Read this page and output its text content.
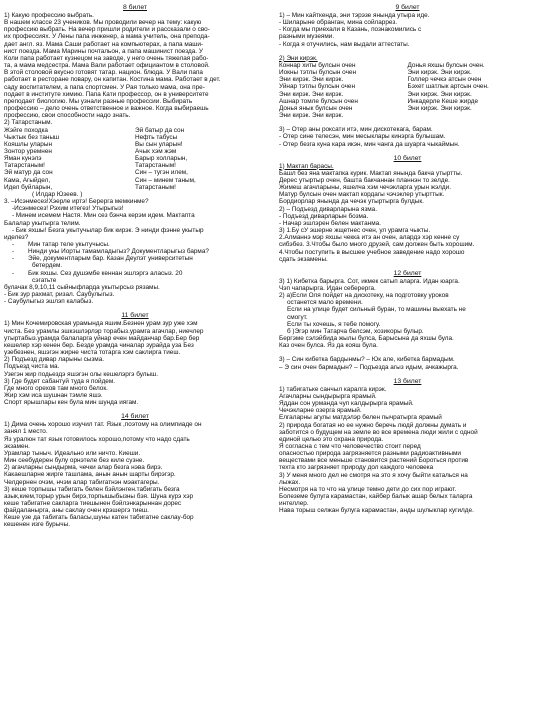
8 билет

1) Какую профессию выбрать.

В нашем классе 23 учеников. Мы проводили вечер на тему: какую

профессию выбрать. На вечер пришли родители и рассказали о сво-

их профессиях. У Лены папа инженер, а мама учитель, она препода-

дает англ. яз. Мама Саши работает на компьютерах, а папа маши-

нист поезда. Мама Марины почтальон, а папа машинист поезда. У

Коли папа работает кузнецом на заводе, у него очень тяжелая рабо-

та, а мама медсестра. Мама Вали работает официантом в столовой.

В этой столовой вкусно готовят татар. национ. блюда. У Вали папа

работает в ресторане повару, он капитан. Костина мама. Работает в дет.

саду воспитателем, а папа спортсмен. У Рая только мама, она пре-

подает в институте химию. Папа Кати профессор, он в университете

преподает биологию. Мы узнали разные профессии. Выбирать

профессию – дело очень ответственное и важное. Когда выбираешь

профессию, свои способности надо знать.

2) Татарстаным.

Жэйге походка	Эй батыр да сон
Чыктык без таныш	Нефть табусы
Кояшлы уларын	Вы сын уларын!
Зонтор уремнен	Ачык хэм жэм
Яман кунэлэ	Барыр холларын,
Татарстаным!	Татарстаным!
Эй матур да сон	Син – тугэн илем,
Кама, Агыйдел,	Син – минем таным,
Идел буйларын,	Татарстаным!

( Илдар Юзеев. )

3. –Исэнмесез!Хэерле иртэ! Берерга мемкинме?

-Исэнмесез! Рэхим итегез! Утырыгыз!

- Минем исемем Настя. Мин сез бэнча керэм идем. Мактапта

Балалар укытырга телим.

- Бик яхшы! Безга укытучылар бик кирэк. Э нинди фэнне укытыр

иделез?

- Мин татар теле укытучысы.

- Нинди укы Йорты тамамладыгыз? Документларыгыз барма?

- Эйе, документларым бар. Казан Деулэт университетын

бетердем.

- Бик яхшы. Сез душэмбе кеннан эшлэргэ аласыз. 20

сэгатьте

булачак 8,9,10,11 сыйныфларда укытырсыз рязамы.

- Бик зур рахмат, ризал. Саубулыгыз.

- Саубулыгыз эшлэп калабыз.

11 билет

1) Мин Кочемировская урамында яшим.Безнен урам зур уже хэм

чиста. Без урамлы эшкэшлэрлэр торабыз.урамга агачлар, ниечлер

утыртабыз.урамда балаларга уйнар ечен майданчар бар.Бер бер

кешелер хэр кенен бер. Безде урамда чиналар зурайда уза Без

узебезнен, яшэгэн жирне чиста тотарга хэм саклирга тиеш.

2) Подъезд дивар ларыны сызма.

Подъезд чиста ма.

Узегэн жир подьездэ яшэгэн олы кешелэргэ булыш.

3) Где будет сабантуй туда я пойдем.

Где много орехов там много белок.

Жир хэм иса шушнан тэмле яшэ.

Спорт ярышлары кен була мин шунда иягам.

14 билет

1) Дима очень хорошо изучил тат. Язык ,поэтому на олимпиаде он

занял 1 место.

Яз уралюн тат язык готовилось хорошо,потому что надо сдать

экзамен.

Урамлар тыныч. Идеально или ничто. Киеши.

Мин сеебудерен булу орнэтеле без киле сузне.

2) агачларны сындырма, чечки алар безга нэва бирэ.

Какаешларне жирге ташлама, анын анын шарты бирэгэр.

Челдернен очэм, нчэм алар табигатнэн мэактагеры.

3) кеше торпышы табигать белен бэйлэнген.табигать безга

азык,кием,торыр урын бирэ,торпышыбызны бэя. Шуна курэ хэр

кеше табигатне сакларга тиешынен бэйлэнкарыннан дорес

файдаланырга, аны саклау очен крэшергэ тиеш.

Кеше узе да табигать баласы,шуны катен табигатне саклау-бор

кешенен изге бурычы.

9 билет

1) – Мин кайткенда, эни тэрэзе янында утыра иде.

- Шиларыне обранган, мина сойларрез.

- Когда мы приехали в Казань, познакомились с

разными музеями.

- Когда я отучились, нам выдали аттестаты.

2) Эни кирэк.

Коннар хиты булсын очен	Донья яхшы булсын очен.
Йокны тэтлы булсын очен	Эни кирэк. Эни кирэк.
Эни кирэк. Эни кирэк.	Голлер чечкэ атсын очен
Уйнар тэтлы булсын очен	Бэхет шатлык артсын очен.
Эни кирэк. Эни кирэк.	Эни кирэк. Эни кирэк.
Ашнар томле булсын очен	Инкадерле Кеше жирде
Донья янык булсын очен	Эни кирэк. Эни кирэк.
Эни кирэк. Эни кирэк.

3) – Отер аны роксати итэ, мин дискотекага, барам.

- Отер сине телесэн, мин месыклары кинэрга булышам.

- Отер безга куна кара икэн, мин чанга да шуарга чыкаймын.

10 билет

1) Мактап барасы.

Башл без яна мактапка курик. Мактап янында бакча утыртты.

Дерес утыртыр очен, башта бакчаннан планнэн то зелде.

Жимеш агачларыны, яшелча хэм чечэкларга урын жэлди.

Матур булсын очен мактап кордагы чэчэклер утырттык.

Бордиорлар янында да чечэк утыртырга булдык.

2) – Подъезд диварларына язма.

- Подъезд диварларын бозма.

- Начар эшлэрен белен мактанма.

3) 1.Бу сУ эшерне жщетнес очен, ул урамга чыкты.

2.Алманнэ мэр яхшы чекка итэ ан очен, алардэ хэр кенне су

сибэбез. 3.Чтобы было много друзей, сам должен быть хорошим.

4.Чтобы поступить в высшее учебное заведение надо хорошо

сдать экзамены.

12 билет

3) 1) Кибетка барырга. Сот, икмек сатып аларга. Идан юарга.

Чэп чапарырга. Идан себерерга.

2) а)Если Оля пойдет на дискотеку, на подготовку уроков

останется мало времени.

Если на улице будет сильный буран, то машины выехать не

смогут.

Если ты хочешь, я тебе помогу.

б )Эгэр мин Татарча белсэм, хозикоры булыр.

Бергэме сэлэйбида жылы булса, Барысына да яхшы була.

Каз очен булса. Яз да кояш була.

3) – Син кибетка бардынмы? – Юк але, кибетка бармадым.

– Э син очен бармадын? – Подъезда агыз идым, ачкажырга.

13 билет

1) табигатьке санчыл каралга кирэк.

Агачларны сындырырга ярамый.

Яддан сон урманда чуп калдырырга ярамый.

Чечэкларне озерга ярамый.

Елгаларны агулы матдэлэр белен пычратырга ярамый

2) природа богатая но ее нужно беречь людй должны думать и

заботится о будущем на земле во все времена люди жили с одной

единой целью это охрана природа.

Я согласна с тем что человечество стоит перед

опасностью природа загрязняется разными радиоактивными

веществами все меньше становится растений Бороться против

техта кто загрязняет природу дол каждого человека

3) У меня много дел не смотря на это я хочу быйти каталься на

лыжах.

Несмотря на то что на улице темно дети до сих пор играют.

Болеземе булуга карамастан, кайбер балык ашар белых таларга

интеллер.

Нава торыш селжан булуга карамастан, анды шулыклар кугилде.
